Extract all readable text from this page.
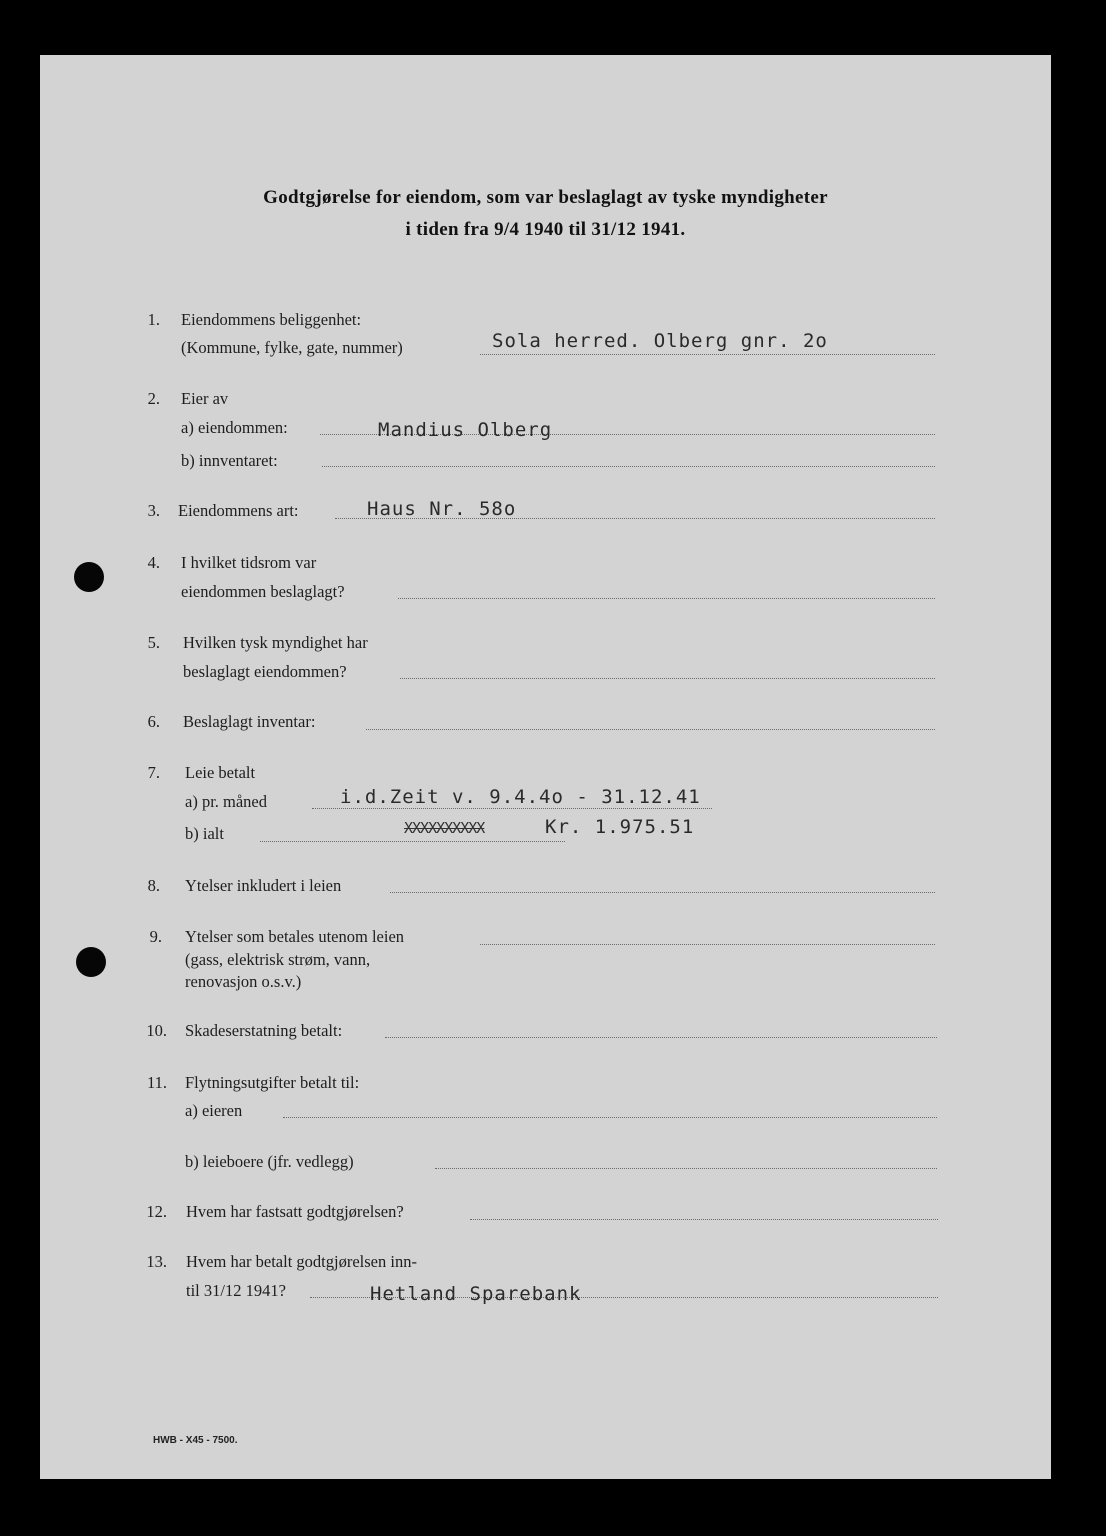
Godtgjørelse for eiendom, som var beslaglagt av tyske myndigheter
i tiden fra 9/4 1940 til 31/12 1941.
1. Eiendommens beliggenhet:
(Kommune, fylke, gate, nummer)	Sola herred. Olberg gnr. 2o
2. Eier av
a) eiendommen:	Mandius Olberg
b) innventaret:
3. Eiendommens art:	Haus Nr. 58o
4. I hvilket tidsrom var
eiendommen beslaglagt?
5. Hvilken tysk myndighet har
beslaglagt eiendommen?
6. Beslaglagt inventar:
7. Leie betalt
a) pr. måned	i.d.Zeit v. 9.4.4o - 31.12.41
b) ialt	XXXXXXXXXX	Kr. 1.975.51
8. Ytelser inkludert i leien
9. Ytelser som betales utenom leien
(gass, elektrisk strøm, vann,
renovasjon o.s.v.)
10. Skadeserstatning betalt:
11. Flytningsutgifter betalt til:
a) eieren
b) leieboere (jfr. vedlegg)
12. Hvem har fastsatt godtgjørelsen?
13. Hvem har betalt godtgjørelsen inn-
til 31/12 1941?	Hetland Sparebank
HWB - X45 - 7500.
